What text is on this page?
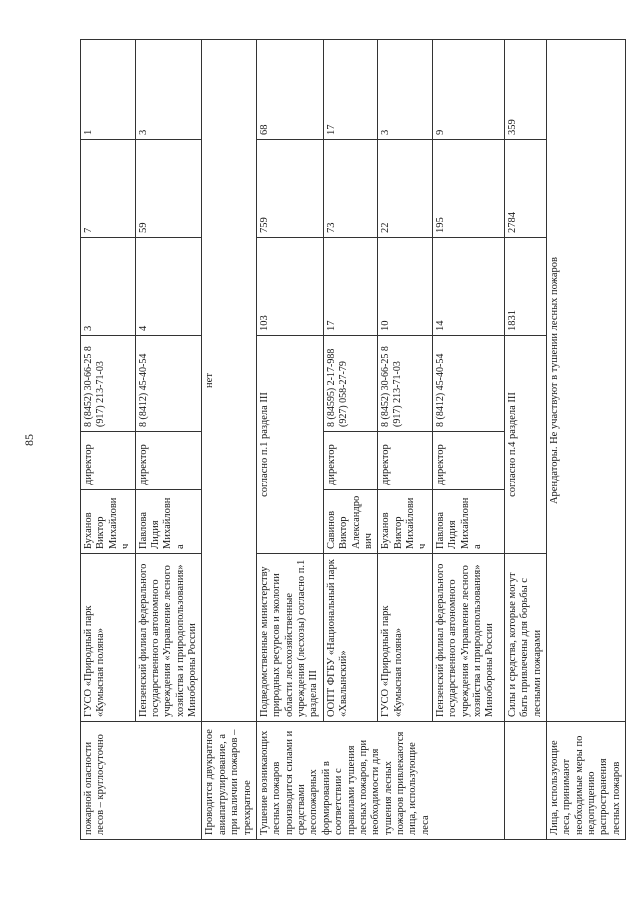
85
пожарной опасности лесов – круглосуточно	ГУСО «Природный парк «Кумысная поляна»	Буханов Виктор Михайлович	директор	8 (8452) 30-66-25 8 (917) 213-71-03	3	7	1
	Пензенский филиал федерального государственного автономного учреждения «Управление лесного хозяйства и природопользования» Минобороны России	Павлова Лидия Михайловна	директор	8 (8412) 45-40-54	4	59	3
Проводится двукратное авиапатрулирование, а при наличии пожаров – трехкратное	нет						
Тушение возникающих лесных пожаров производится силами и средствами лесопожарных формирований в соответствии с правилами тушения лесных пожаров, при необходимости для тушения лесных пожаров привлекаются лица, использующие леса	Подведомственные министерству природных ресурсов и экологии области лесохозяйственные учреждения (лесхозы) согласно п.1 раздела III	согласно п.1 раздела III			103	759	68
	ООПТ ФГБУ «Национальный парк «Хвалынский»	Савинов Виктор Александрович	директор	8 (84595) 2-17-988 (927) 058-27-79	17	73	17
	ГУСО «Природный парк «Кумысная поляна»	Буханов Виктор Михайлович	директор	8 (8452) 30-66-25 8 (917) 213-71-03	10	22	3
	Пензенский филиал федерального государственного автономного учреждения «Управление лесного хозяйства и природопользования» Минобороны России	Павлова Лидия Михайловна	директор	8 (8412) 45-40-54	14	195	9
	Силы и средства, которые могут быть привлечены для борьбы с лесными пожарами	согласно п.4 раздела III			1831	2784	359
Лица, использующие леса, принимают необходимые меры по недопущению распространения лесных пожаров	Арендаторы. Не участвуют в тушении лесных пожаров						
